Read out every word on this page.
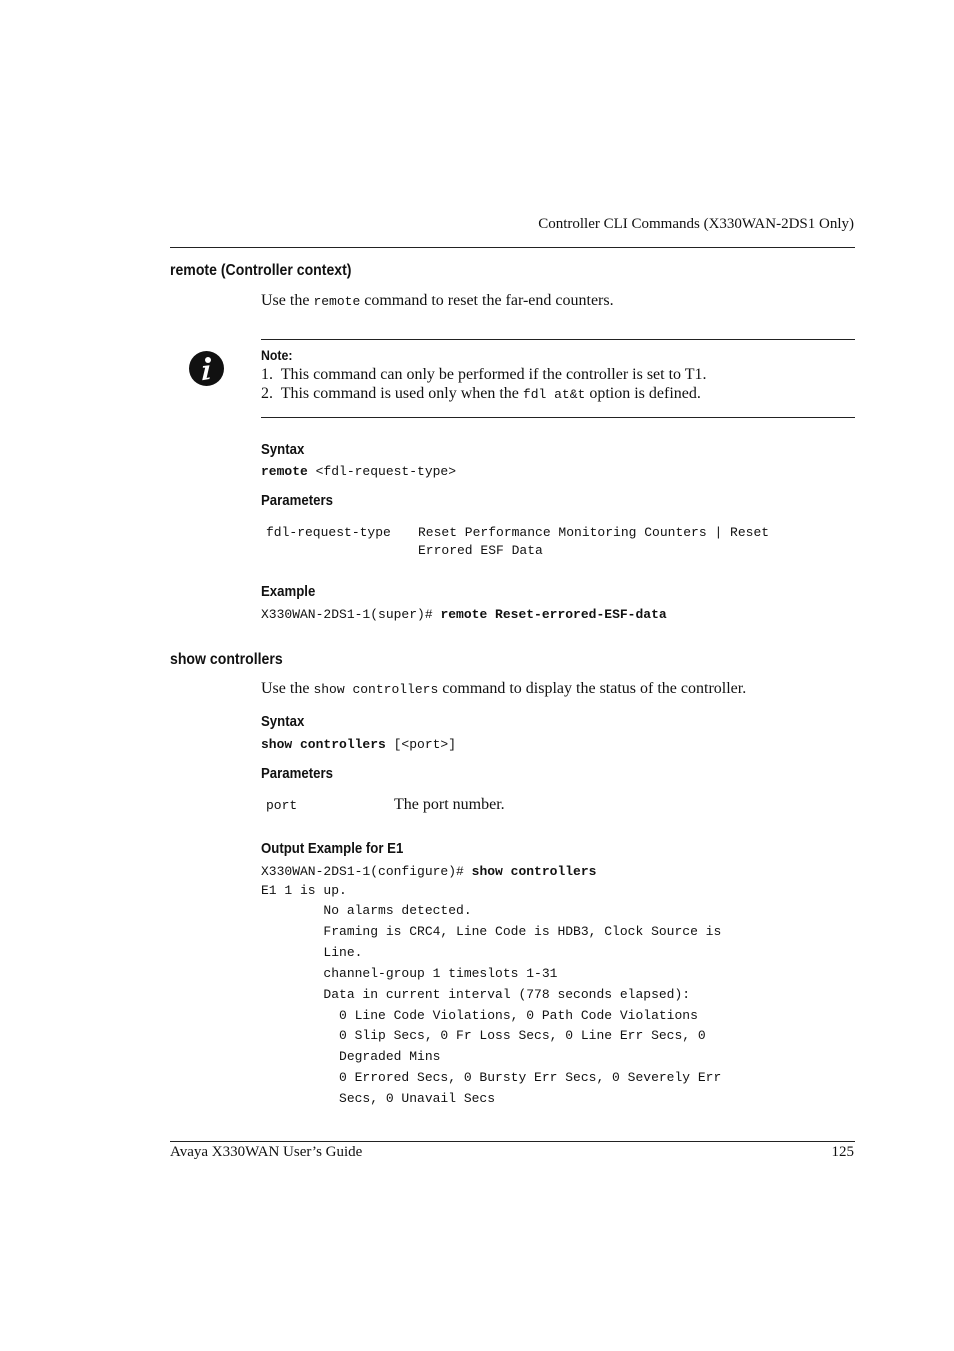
Controller CLI Commands (X330WAN-2DS1 Only)
remote (Controller context)
Use the remote command to reset the far-end counters.
Note:
1.  This command can only be performed if the controller is set to T1.
2.  This command is used only when the fdl at&t option is defined.
Syntax
remote <fdl-request-type>
Parameters
fdl-request-type Reset Performance Monitoring Counters | Reset
Errored ESF Data
Example
X330WAN-2DS1-1(super)# remote Reset-errored-ESF-data
show controllers
Use the show controllers command to display the status of the controller.
Syntax
show controllers [<port>]
Parameters
port	The port number.
Output Example for E1
X330WAN-2DS1-1(configure)# show controllers
E1 1 is up.
No alarms detected.
Framing is CRC4, Line Code is HDB3, Clock Source is
Line.
channel-group 1 timeslots 1-31
Data in current interval (778 seconds elapsed):
0 Line Code Violations, 0 Path Code Violations
0 Slip Secs, 0 Fr Loss Secs, 0 Line Err Secs, 0
Degraded Mins
0 Errored Secs, 0 Bursty Err Secs, 0 Severely Err
Secs, 0 Unavail Secs
Avaya X330WAN User’s Guide	125
